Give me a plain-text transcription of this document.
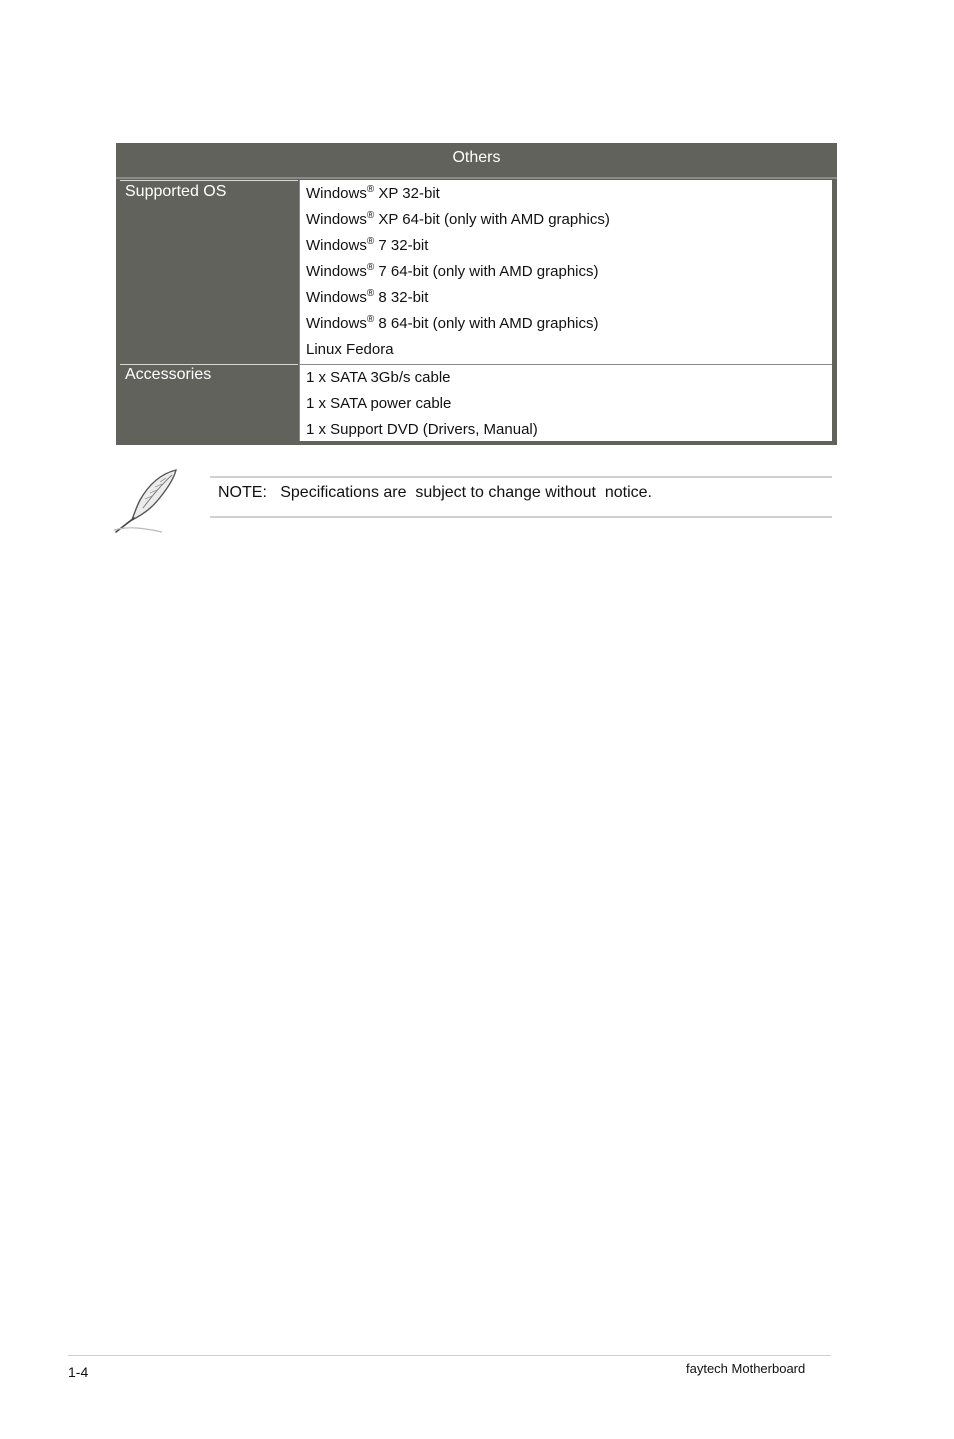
Others
Supported OS	Windows® XP 32-bit
Windows® XP 64-bit (only with AMD graphics)
Windows® 7 32-bit
Windows® 7 64-bit (only with AMD graphics)
Windows® 8 32-bit
Windows® 8 64-bit (only with AMD graphics)
Linux Fedora
Accessories	1 x SATA 3Gb/s cable
1 x SATA power cable
1 x Support DVD (Drivers, Manual)
NOTE:   Specifications are  subject to change without  notice.
1-4	faytech Motherboard
